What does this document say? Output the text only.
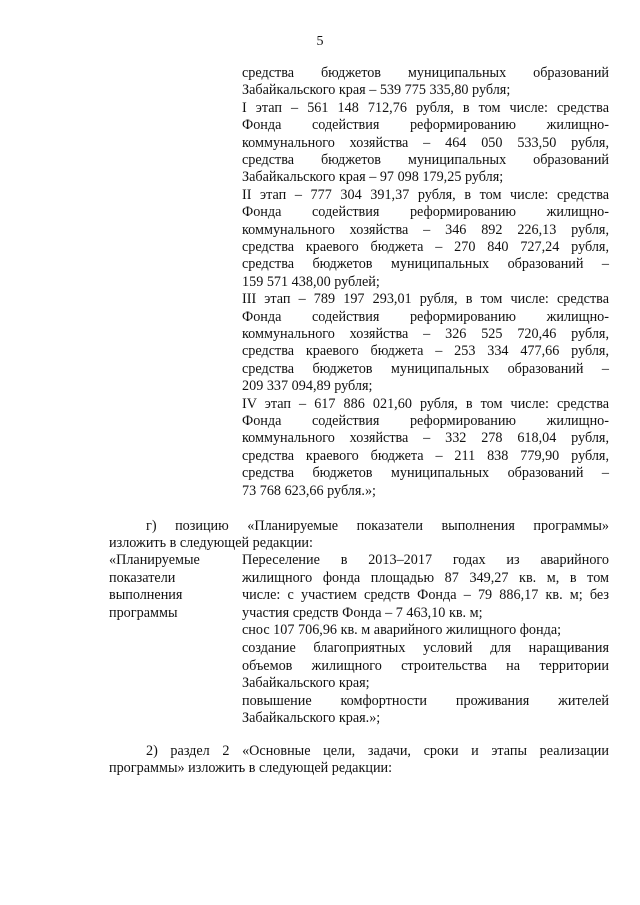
5
средства бюджетов муниципальных образований
Забайкальского края – 539 775 335,80 рубля;
I этап – 561 148 712,76 рубля, в том числе: средства
Фонда содействия реформированию жилищно-
коммунального хозяйства – 464 050 533,50 рубля,
средства бюджетов муниципальных образований
Забайкальского края – 97 098 179,25 рубля;
II этап – 777 304 391,37 рубля, в том числе: средства
Фонда содействия реформированию жилищно-
коммунального хозяйства – 346 892 226,13 рубля,
средства краевого бюджета – 270 840 727,24 рубля,
средства бюджетов муниципальных образований –
159 571 438,00 рублей;
III этап – 789 197 293,01 рубля, в том числе: средства
Фонда содействия реформированию жилищно-
коммунального хозяйства – 326 525 720,46 рубля,
средства краевого бюджета – 253 334 477,66 рубля,
средства бюджетов муниципальных образований –
209 337 094,89 рубля;
IV этап – 617 886 021,60 рубля, в том числе: средства
Фонда содействия реформированию жилищно-
коммунального хозяйства – 332 278 618,04 рубля,
средства краевого бюджета – 211 838 779,90 рубля,
средства бюджетов муниципальных образований –
73 768 623,66 рубля.»;
г) позицию «Планируемые показатели выполнения программы»
изложить в следующей редакции:
«Планируемые
показатели
выполнения
программы
Переселение в 2013–2017 годах из аварийного
жилищного фонда площадью 87 349,27 кв. м, в том
числе: с участием средств Фонда – 79 886,17 кв. м; без
участия средств Фонда – 7 463,10 кв. м;
снос 107 706,96 кв. м аварийного жилищного фонда;
создание благоприятных условий для наращивания
объемов жилищного строительства на территории
Забайкальского края;
повышение комфортности проживания жителей
Забайкальского края.»;
2) раздел 2 «Основные цели, задачи, сроки и этапы реализации
программы» изложить в следующей редакции:
